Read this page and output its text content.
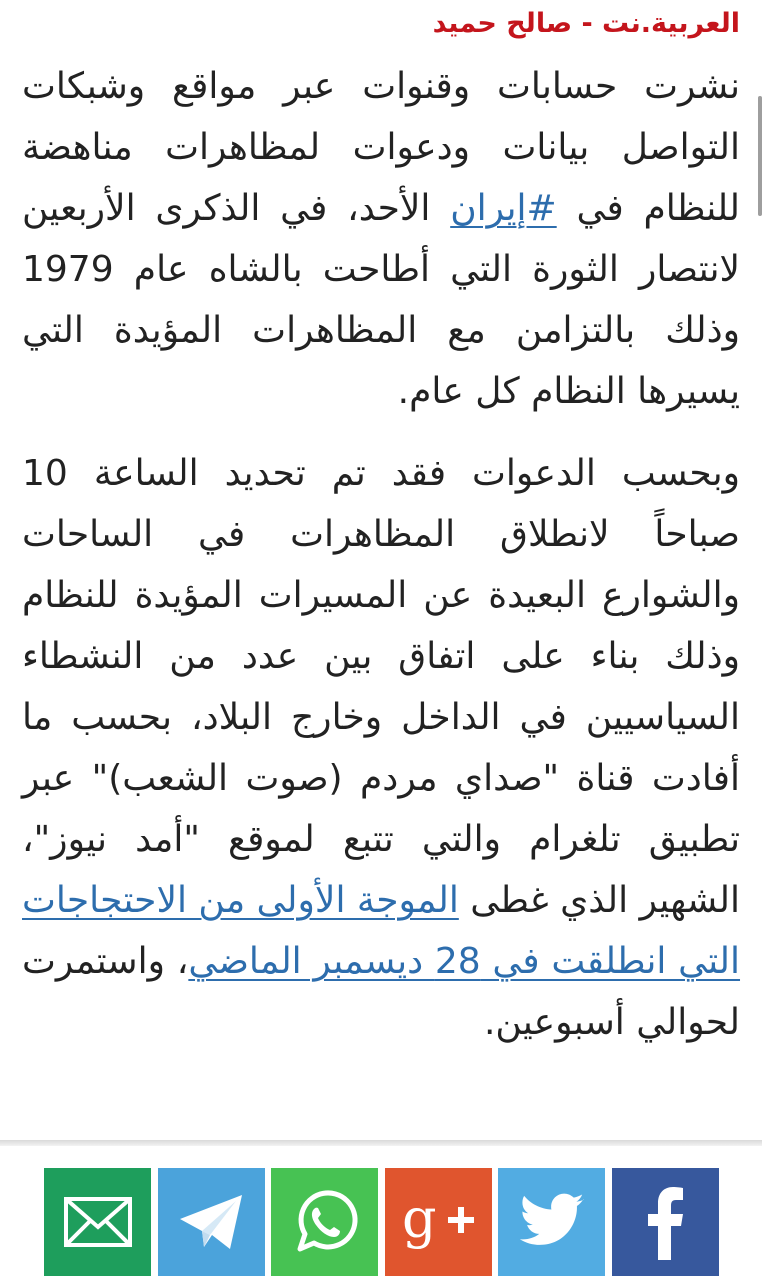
العربية.نت - صالح حميد

نشرت حسابات وقنوات عبر مواقع وشبكات التواصل بيانات ودعوات لمظاهرات مناهضة للنظام في #إيران الأحد، في الذكرى الأربعين لانتصار الثورة التي أطاحت بالشاه عام 1979 وذلك بالتزامن مع المظاهرات المؤيدة التي يسيرها النظام كل عام.

وبحسب الدعوات فقد تم تحديد الساعة 10 صباحاً لانطلاق المظاهرات في الساحات والشوارع البعيدة عن المسيرات المؤيدة للنظام وذلك بناء على اتفاق بين عدد من النشطاء السياسيين في الداخل وخارج البلاد، بحسب ما أفادت قناة "صداي مردم (صوت الشعب)" عبر تطبيق تلغرام والتي تتبع لموقع "أمد نيوز"، الشهير الذي غطى الموجة الأولى من الاحتجاجات التي انطلقت في 28 ديسمبر الماضي، واستمرت لحوالي أسبوعين.

g
